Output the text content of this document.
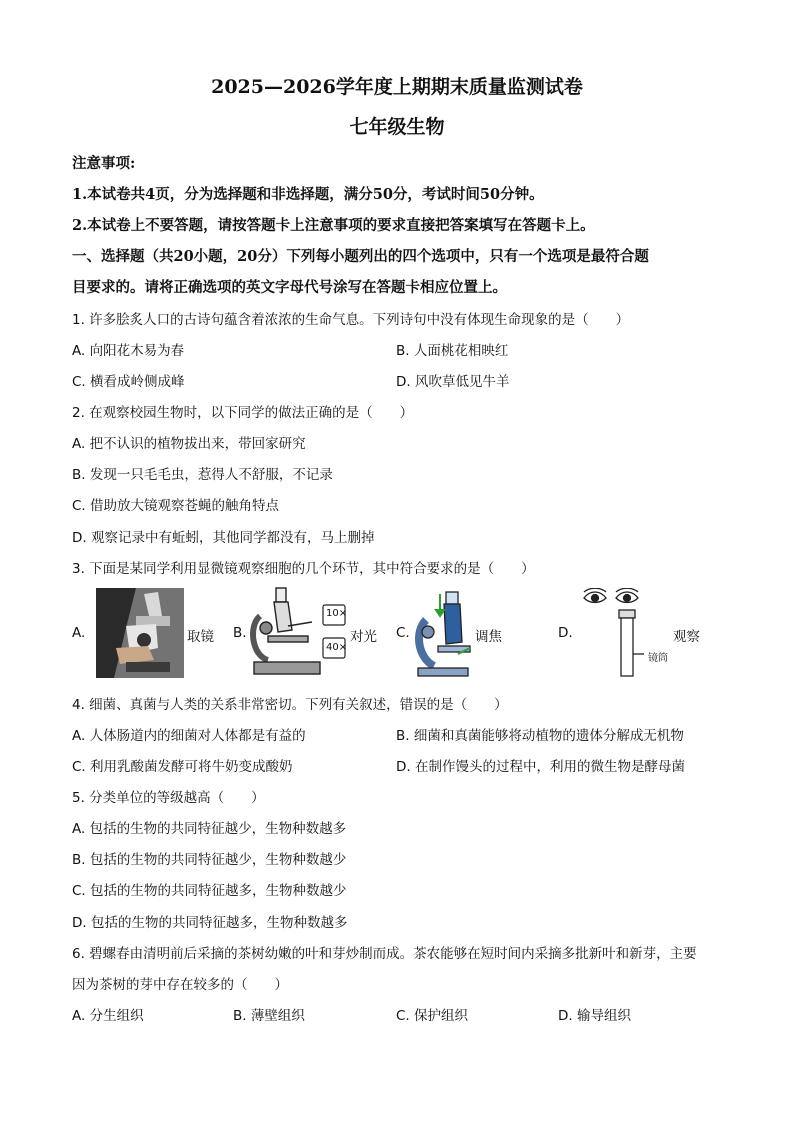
2025—2026学年度上期期末质量监测试卷
七年级生物
注意事项:
1.本试卷共4页，分为选择题和非选择题，满分50分，考试时间50分钟。
2.本试卷上不要答题，请按答题卡上注意事项的要求直接把答案填写在答题卡上。
一、选择题（共20小题，20分）下列每小题列出的四个选项中，只有一个选项是最符合题
目要求的。请将正确选项的英文字母代号涂写在答题卡相应位置上。
1. 许多脍炙人口的古诗句蕴含着浓浓的生命气息。下列诗句中没有体现生命现象的是（　　）
A. 向阳花木易为春	B. 人面桃花相映红
C. 横看成岭侧成峰	D. 风吹草低见牛羊
2. 在观察校园生物时，以下同学的做法正确的是（　　）
A. 把不认识的植物拔出来，带回家研究
B. 发现一只毛毛虫，惹得人不舒服，不记录
C. 借助放大镜观察苍蝇的触角特点
D. 观察记录中有蚯蚓，其他同学都没有，马上删掉
3. 下面是某同学利用显微镜观察细胞的几个环节，其中符合要求的是（　　）
A.	取镜 B.
10×
40×
对光 C.	调焦	D.
镜筒
观察
4. 细菌、真菌与人类的关系非常密切。下列有关叙述，错误的是（　　）
A. 人体肠道内的细菌对人体都是有益的	B. 细菌和真菌能够将动植物的遗体分解成无机物
C. 利用乳酸菌发酵可将牛奶变成酸奶	D. 在制作馒头的过程中，利用的微生物是酵母菌
5. 分类单位的等级越高（　　）
A. 包括的生物的共同特征越少，生物种数越多
B. 包括的生物的共同特征越少，生物种数越少
C. 包括的生物的共同特征越多，生物种数越少
D. 包括的生物的共同特征越多，生物种数越多
6. 碧螺春由清明前后采摘的茶树幼嫩的叶和芽炒制而成。茶农能够在短时间内采摘多批新叶和新芽，主要
因为茶树的芽中存在较多的（　　）
A. 分生组织	B. 薄壁组织	C. 保护组织	D. 输导组织
